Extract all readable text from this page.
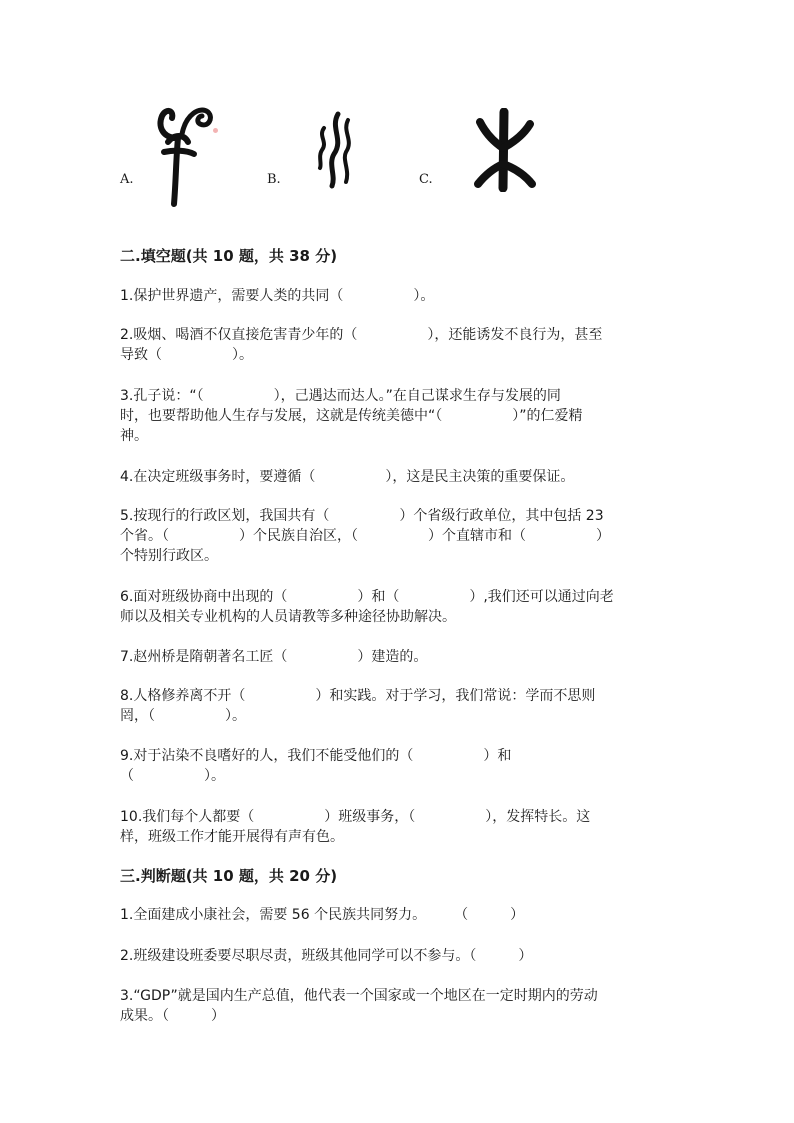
A.	B.	C.
二.填空题(共 10 题，共 38 分)
1.保护世界遗产，需要人类的共同（　　　　　）。
2.吸烟、喝酒不仅直接危害青少年的（　　　　　），还能诱发不良行为，甚至
导致（　　　　　）。
3.孔子说：“（　　　　　），己遇达而达人。”在自己谋求生存与发展的同
时，也要帮助他人生存与发展，这就是传统美德中“（　　　　　）”的仁爱精
神。
4.在决定班级事务时，要遵循（　　　　　），这是民主决策的重要保证。
5.按现行的行政区划，我国共有（　　　　　）个省级行政单位，其中包括 23
个省。（　　　　　）个民族自治区，（　　　　　）个直辖市和（　　　　　）
个特别行政区。
6.面对班级协商中出现的（　　　　　）和（　　　　　）,我们还可以通过向老
师以及相关专业机构的人员请教等多种途径协助解决。
7.赵州桥是隋朝著名工匠（　　　　　）建造的。
8.人格修养离不开（　　　　　）和实践。对于学习，我们常说：学而不思则
罔，（　　　　　）。
9.对于沾染不良嗜好的人，我们不能受他们的（　　　　　）和
（　　　　　）。
10.我们每个人都要（　　　　　）班级事务，（　　　　　），发挥特长。这
样，班级工作才能开展得有声有色。
三.判断题(共 10 题，共 20 分)
1.全面建成小康社会，需要 56 个民族共同努力。　　　（　　　）
2.班级建设班委要尽职尽责，班级其他同学可以不参与。（　　　）
3.“GDP”就是国内生产总值，他代表一个国家或一个地区在一定时期内的劳动
成果。（　　　）
